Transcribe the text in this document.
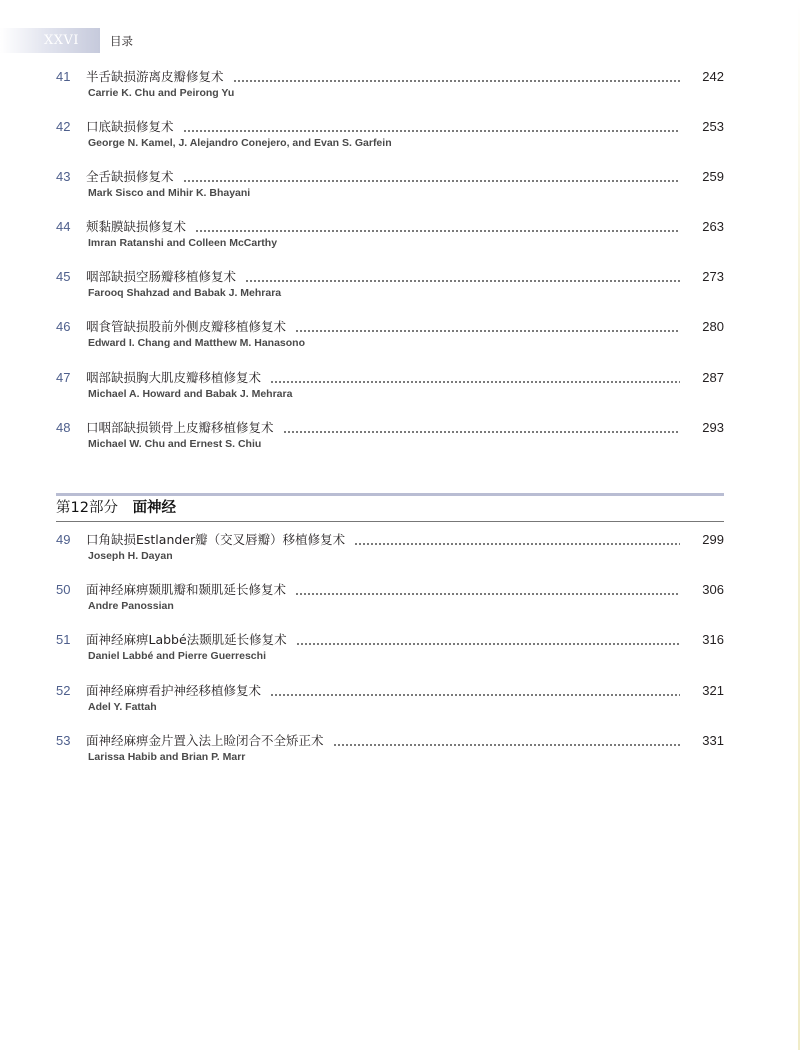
XXVI	目录
41	半舌缺损游离皮瓣修复术	242
Carrie K. Chu and Peirong Yu
42	口底缺损修复术	253
George N. Kamel, J. Alejandro Conejero, and Evan S. Garfein
43	全舌缺损修复术	259
Mark Sisco and Mihir K. Bhayani
44	颊黏膜缺损修复术	263
Imran Ratanshi and Colleen McCarthy
45	咽部缺损空肠瓣移植修复术	273
Farooq Shahzad and Babak J. Mehrara
46	咽食管缺损股前外侧皮瓣移植修复术	280
Edward I. Chang and Matthew M. Hanasono
47	咽部缺损胸大肌皮瓣移植修复术	287
Michael A. Howard and Babak J. Mehrara
48	口咽部缺损锁骨上皮瓣移植修复术	293
Michael W. Chu and Ernest S. Chiu
第12部分 面神经
49	口角缺损Estlander瓣（交叉唇瓣）移植修复术	299
Joseph H. Dayan
50	面神经麻痹颞肌瓣和颞肌延长修复术	306
Andre Panossian
51	面神经麻痹Labbé法颞肌延长修复术	316
Daniel Labbé and Pierre Guerreschi
52	面神经麻痹看护神经移植修复术	321
Adel Y. Fattah
53	面神经麻痹金片置入法上睑闭合不全矫正术	331
Larissa Habib and Brian P. Marr
